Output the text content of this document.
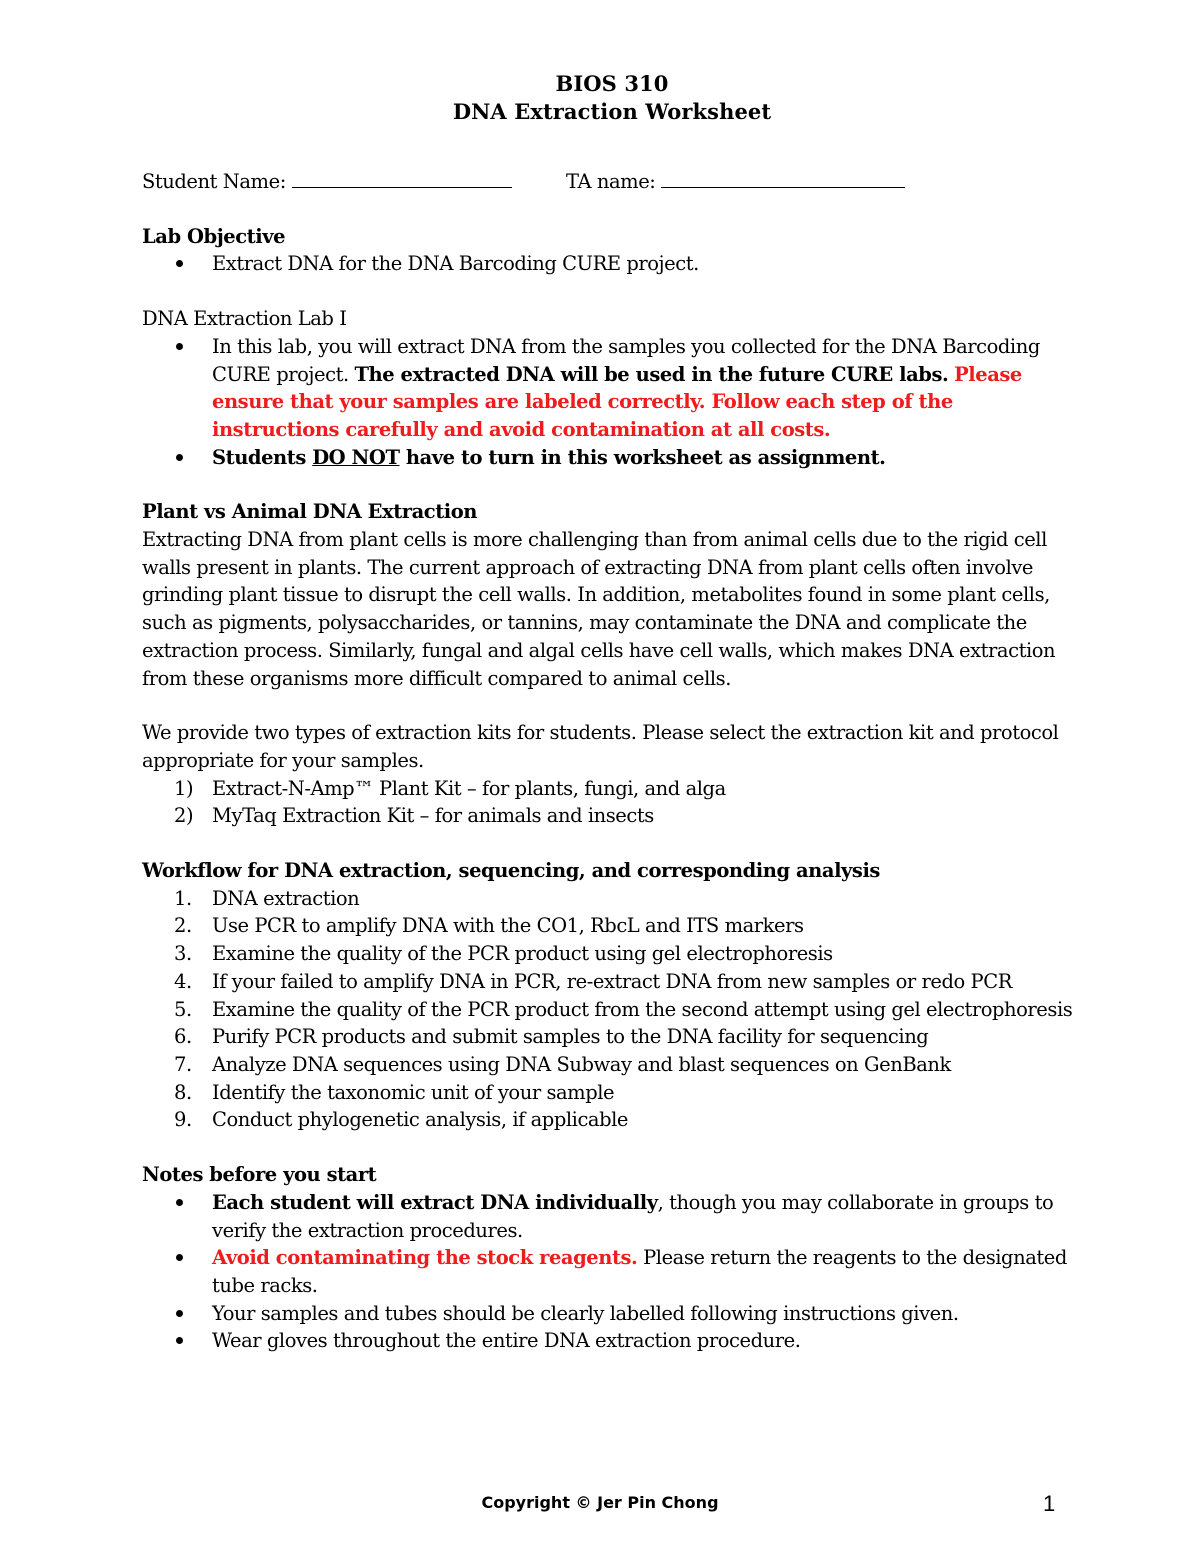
BIOS 310
DNA Extraction Worksheet
Student Name:	TA name:
Lab Objective
Extract DNA for the DNA Barcoding CURE project.
DNA Extraction Lab I
In this lab, you will extract DNA from the samples you collected for the DNA Barcoding CURE project. The extracted DNA will be used in the future CURE labs. Please ensure that your samples are labeled correctly. Follow each step of the instructions carefully and avoid contamination at all costs.
Students DO NOT have to turn in this worksheet as assignment.
Plant vs Animal DNA Extraction

Extracting DNA from plant cells is more challenging than from animal cells due to the rigid cell walls present in plants. The current approach of extracting DNA from plant cells often involve grinding plant tissue to disrupt the cell walls. In addition, metabolites found in some plant cells, such as pigments, polysaccharides, or tannins, may contaminate the DNA and complicate the extraction process. Similarly, fungal and algal cells have cell walls, which makes DNA extraction from these organisms more difficult compared to animal cells.

We provide two types of extraction kits for students. Please select the extraction kit and protocol appropriate for your samples.

1) Extract-N-Amp™ Plant Kit – for plants, fungi, and alga
2) MyTaq Extraction Kit – for animals and insects
Workflow for DNA extraction, sequencing, and corresponding analysis
1.	DNA extraction
2.	Use PCR to amplify DNA with the CO1, RbcL and ITS markers
3.	Examine the quality of the PCR product using gel electrophoresis
4.	If your failed to amplify DNA in PCR, re-extract DNA from new samples or redo PCR
5.	Examine the quality of the PCR product from the second attempt using gel electrophoresis
6.	Purify PCR products and submit samples to the DNA facility for sequencing
7.	Analyze DNA sequences using DNA Subway and blast sequences on GenBank
8.	Identify the taxonomic unit of your sample
9.	Conduct phylogenetic analysis, if applicable
Notes before you start
Each student will extract DNA individually, though you may collaborate in groups to verify the extraction procedures.
Avoid contaminating the stock reagents. Please return the reagents to the designated tube racks.
Your samples and tubes should be clearly labelled following instructions given.
Wear gloves throughout the entire DNA extraction procedure.
Copyright © Jer Pin Chong	1
